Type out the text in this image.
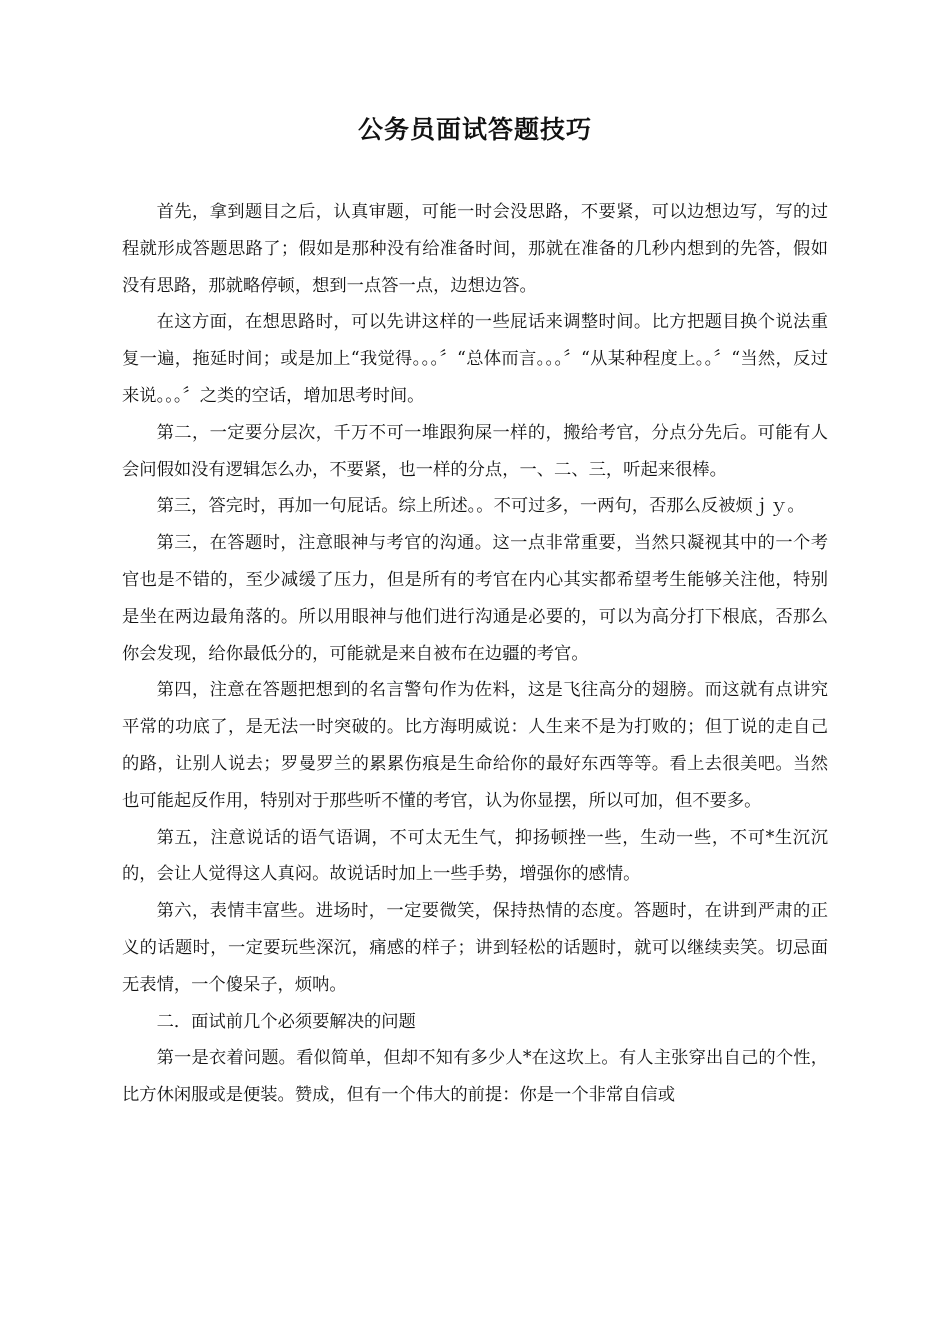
公务员面试答题技巧

首先，拿到题目之后，认真审题，可能一时会没思路，不要紧，可以边想边写，写的过程就形成答题思路了；假如是那种没有给准备时间，那就在准备的几秒内想到的先答，假如没有思路，那就略停顿，想到一点答一点，边想边答。

在这方面，在想思路时，可以先讲这样的一些屁话来调整时间。比方把题目换个说法重复一遍，拖延时间；或是加上“我觉得。。。〞“总体而言。。。〞“从某种程度上。。〞“当然，反过来说。。。〞之类的空话，增加思考时间。

第二，一定要分层次，千万不可一堆跟狗屎一样的，搬给考官，分点分先后。可能有人会问假如没有逻辑怎么办，不要紧，也一样的分点，一、二、三，听起来很棒。

第三，答完时，再加一句屁话。综上所述。。不可过多，一两句，否那么反被烦ｊｙ。

第三，在答题时，注意眼神与考官的沟通。这一点非常重要，当然只凝视其中的一个考官也是不错的，至少减缓了压力，但是所有的考官在内心其实都希望考生能够关注他，特别是坐在两边最角落的。所以用眼神与他们进行沟通是必要的，可以为高分打下根底，否那么你会发现，给你最低分的，可能就是来自被布在边疆的考官。

第四，注意在答题把想到的名言警句作为佐料，这是飞往高分的翅膀。而这就有点讲究平常的功底了，是无法一时突破的。比方海明威说：人生来不是为打败的；但丁说的走自己的路，让别人说去；罗曼罗兰的累累伤痕是生命给你的最好东西等等。看上去很美吧。当然也可能起反作用，特别对于那些听不懂的考官，认为你显摆，所以可加，但不要多。

第五，注意说话的语气语调，不可太无生气，抑扬顿挫一些，生动一些，不可*生沉沉的，会让人觉得这人真闷。故说话时加上一些手势，增强你的感情。

第六，表情丰富些。进场时，一定要微笑，保持热情的态度。答题时，在讲到严肃的正义的话题时，一定要玩些深沉，痛感的样子；讲到轻松的话题时，就可以继续卖笑。切忌面无表情，一个傻呆子，烦呐。

二．面试前几个必须要解决的问题

第一是衣着问题。看似简单，但却不知有多少人*在这坎上。有人主张穿出自己的个性，比方休闲服或是便装。赞成，但有一个伟大的前提：你是一个非常自信或
